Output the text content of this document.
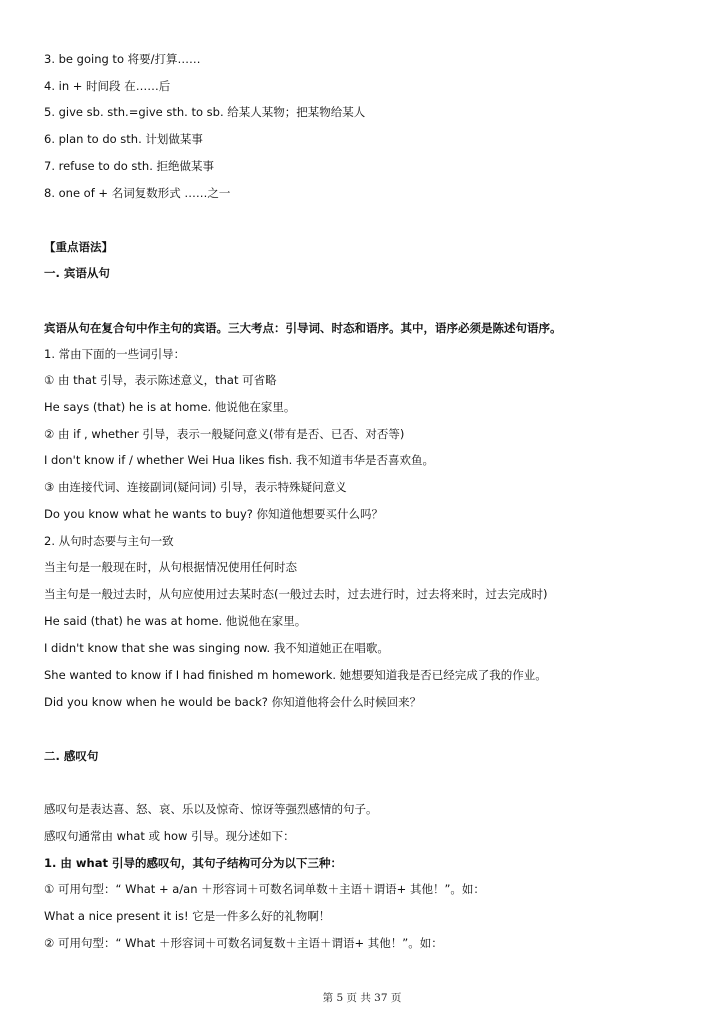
3. be going to 将要/打算……
4. in + 时间段 在……后
5. give sb. sth.=give sth. to sb. 给某人某物；把某物给某人
6. plan to do sth. 计划做某事
7. refuse to do sth. 拒绝做某事
8. one of + 名词复数形式 ……之一
【重点语法】
一. 宾语从句
宾语从句在复合句中作主句的宾语。三大考点：引导词、时态和语序。其中，语序必须是陈述句语序。
1. 常由下面的一些词引导：
① 由 that 引导，表示陈述意义，that 可省略
He says (that) he is at home. 他说他在家里。
② 由 if , whether 引导，表示一般疑问意义(带有是否、已否、对否等)
I don't know if / whether Wei Hua likes fish. 我不知道韦华是否喜欢鱼。
③ 由连接代词、连接副词(疑问词) 引导，表示特殊疑问意义
Do you know what he wants to buy? 你知道他想要买什么吗？
2. 从句时态要与主句一致
当主句是一般现在时，从句根据情况使用任何时态
当主句是一般过去时，从句应使用过去某时态(一般过去时，过去进行时，过去将来时，过去完成时)
He said (that) he was at home. 他说他在家里。
I didn't know that she was singing now. 我不知道她正在唱歌。
She wanted to know if I had finished m homework. 她想要知道我是否已经完成了我的作业。
Did you know when he would be back? 你知道他将会什么时候回来？
二. 感叹句
感叹句是表达喜、怒、哀、乐以及惊奇、惊讶等强烈感情的句子。
感叹句通常由 what 或 how 引导。现分述如下：
1. 由 what 引导的感叹句，其句子结构可分为以下三种：
① 可用句型：“ What + a/an ＋形容词＋可数名词单数＋主语＋谓语+ 其他！”。如：
What a nice present it is! 它是一件多么好的礼物啊！
② 可用句型：“ What ＋形容词＋可数名词复数＋主语＋谓语+ 其他！”。如：
第 5 页 共 37 页
